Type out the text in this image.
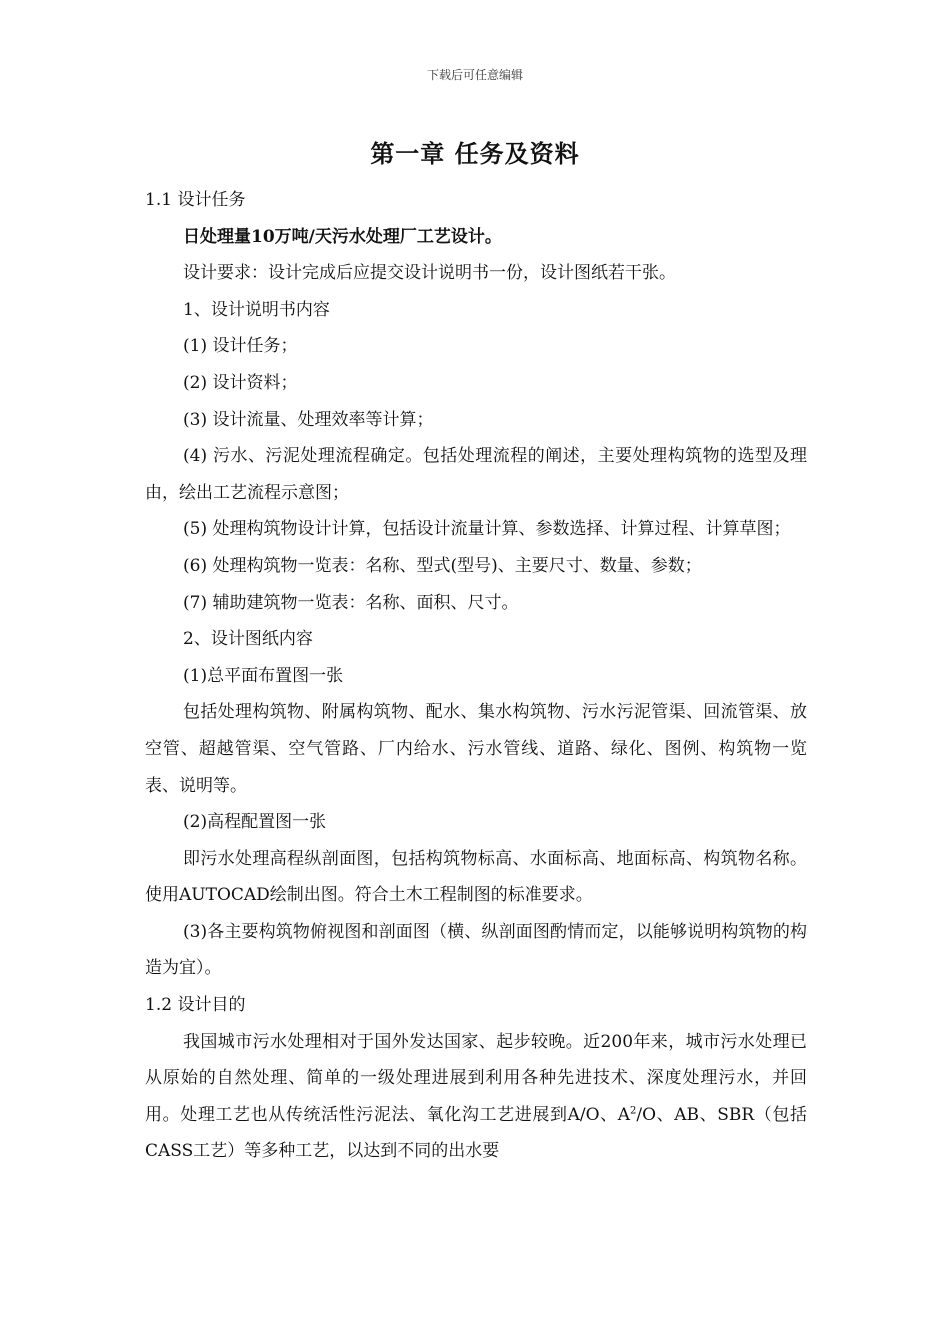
下载后可任意编辑
第一章 任务及资料

1.1 设计任务

日处理量10万吨/天污水处理厂工艺设计。

设计要求：设计完成后应提交设计说明书一份，设计图纸若干张。

1、设计说明书内容

(1) 设计任务；

(2) 设计资料；

(3) 设计流量、处理效率等计算；

(4) 污水、污泥处理流程确定。包括处理流程的阐述，主要处理构筑物的选型及理由，绘出工艺流程示意图；

(5) 处理构筑物设计计算，包括设计流量计算、参数选择、计算过程、计算草图；

(6) 处理构筑物一览表：名称、型式(型号)、主要尺寸、数量、参数；

(7) 辅助建筑物一览表：名称、面积、尺寸。

2、设计图纸内容

(1)总平面布置图一张

包括处理构筑物、附属构筑物、配水、集水构筑物、污水污泥管渠、回流管渠、放空管、超越管渠、空气管路、厂内给水、污水管线、道路、绿化、图例、构筑物一览表、说明等。

(2)高程配置图一张

即污水处理高程纵剖面图，包括构筑物标高、水面标高、地面标高、构筑物名称。使用AUTOCAD绘制出图。符合土木工程制图的标准要求。

(3)各主要构筑物俯视图和剖面图（横、纵剖面图酌情而定，以能够说明构筑物的构造为宜）。

1.2 设计目的

我国城市污水处理相对于国外发达国家、起步较晚。近200年来，城市污水处理已从原始的自然处理、简单的一级处理进展到利用各种先进技术、深度处理污水，并回用。处理工艺也从传统活性污泥法、氧化沟工艺进展到A/O、$A^2/O$、AB、SBR（包括CASS工艺）等多种工艺，以达到不同的出水要
